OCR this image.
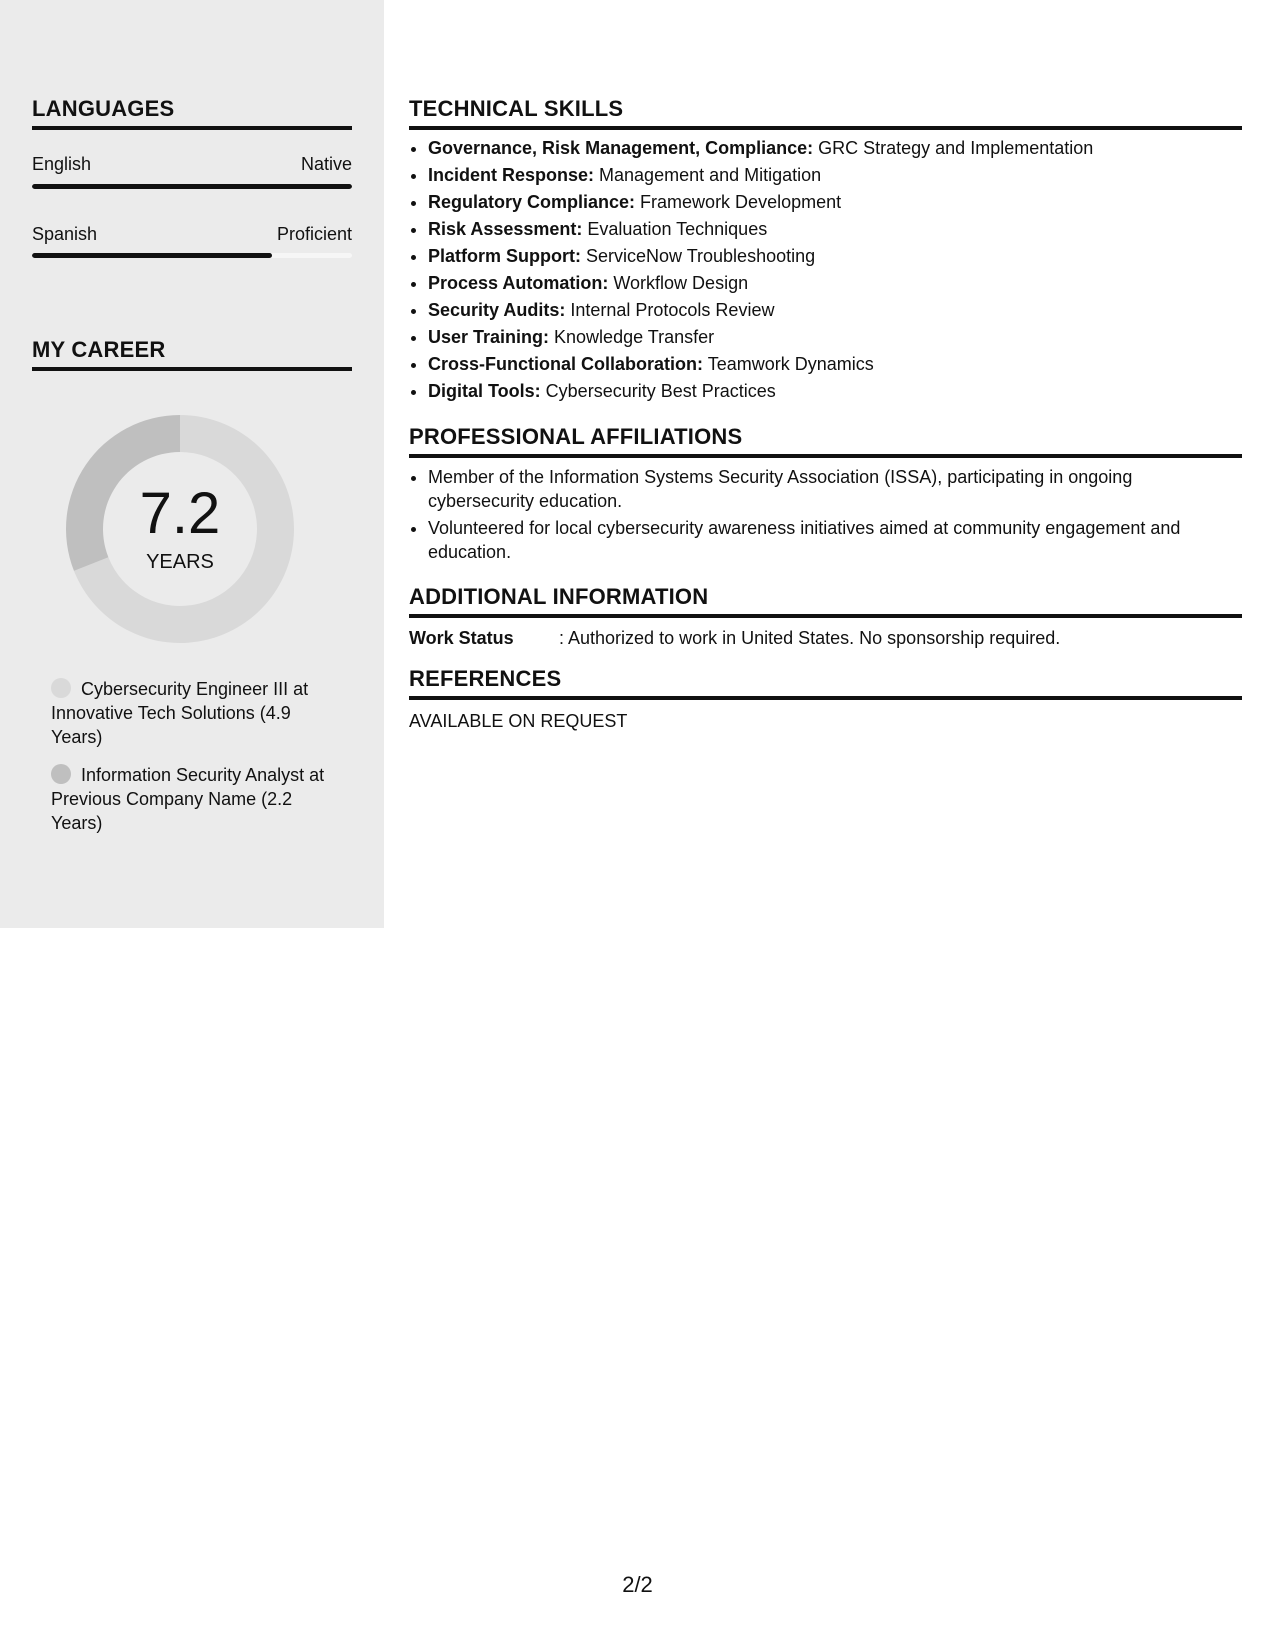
LANGUAGES
English	Native
Spanish	Proficient
MY CAREER
7.2
YEARS
Cybersecurity Engineer III at Innovative Tech Solutions (4.9 Years)
Information Security Analyst at Previous Company Name (2.2 Years)
TECHNICAL SKILLS
• Governance, Risk Management, Compliance: GRC Strategy and Implementation
• Incident Response: Management and Mitigation
• Regulatory Compliance: Framework Development
• Risk Assessment: Evaluation Techniques
• Platform Support: ServiceNow Troubleshooting
• Process Automation: Workflow Design
• Security Audits: Internal Protocols Review
• User Training: Knowledge Transfer
• Cross-Functional Collaboration: Teamwork Dynamics
• Digital Tools: Cybersecurity Best Practices
PROFESSIONAL AFFILIATIONS
• Member of the Information Systems Security Association (ISSA), participating in ongoing cybersecurity education.
• Volunteered for local cybersecurity awareness initiatives aimed at community engagement and education.
ADDITIONAL INFORMATION
Work Status	: Authorized to work in United States. No sponsorship required.
REFERENCES
AVAILABLE ON REQUEST
2/2
